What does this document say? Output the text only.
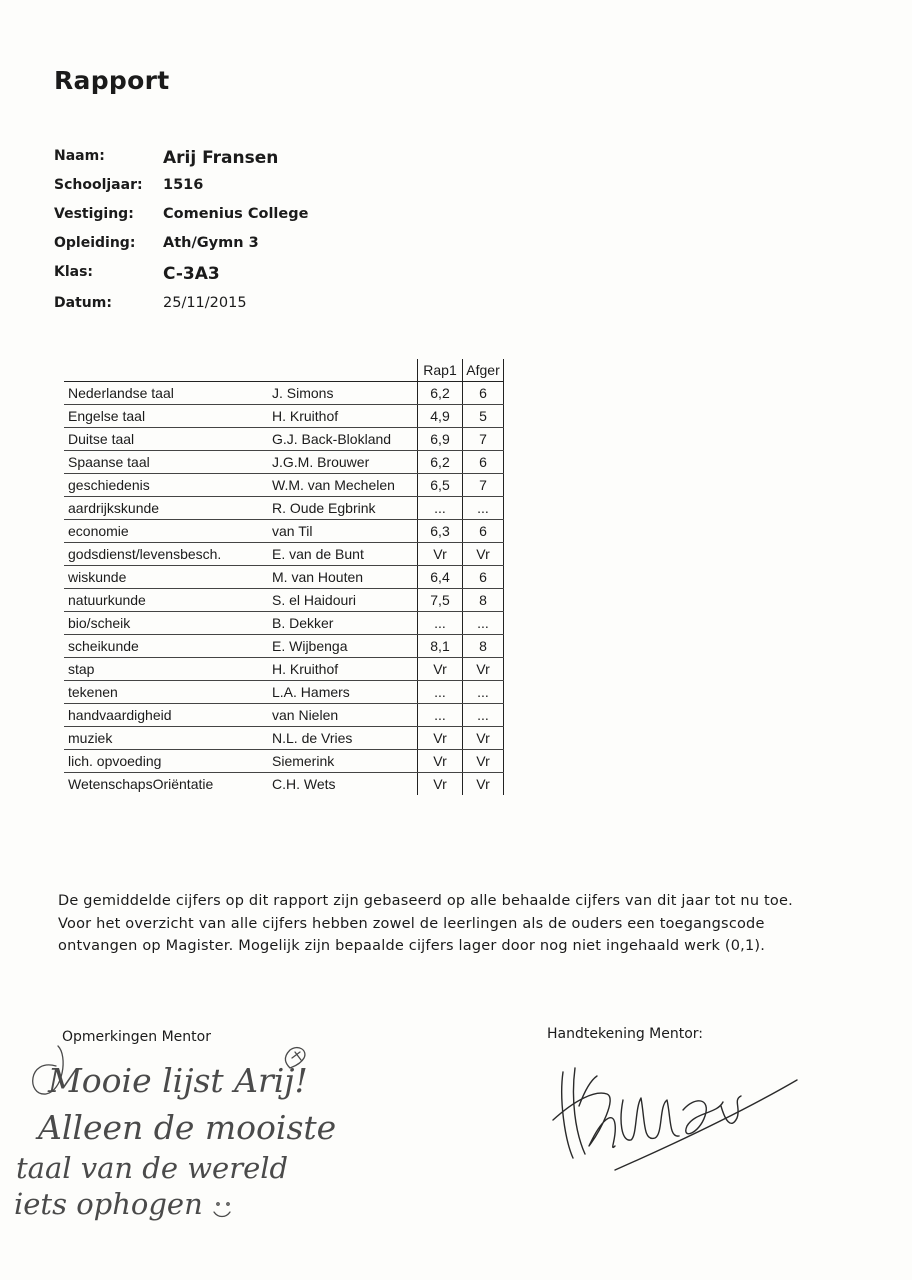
Rapport
Naam:	Arij Fransen
Schooljaar: 1516
Vestiging: Comenius College
Opleiding: Ath/Gymn 3
Klas:	C-3A3
Datum:	25/11/2015
		Rap1	Afger
Nederlandse taal	J. Simons	6,2	6
Engelse taal	H. Kruithof	4,9	5
Duitse taal	G.J. Back-Blokland	6,9	7
Spaanse taal	J.G.M. Brouwer	6,2	6
geschiedenis	W.M. van Mechelen	6,5	7
aardrijkskunde	R. Oude Egbrink	...	...
economie	van Til	6,3	6
godsdienst/levensbesch.	E. van de Bunt	Vr	Vr
wiskunde	M. van Houten	6,4	6
natuurkunde	S. el Haidouri	7,5	8
bio/scheik	B. Dekker	...	...
scheikunde	E. Wijbenga	8,1	8
stap	H. Kruithof	Vr	Vr
tekenen	L.A. Hamers	...	...
handvaardigheid	van Nielen	...	...
muziek	N.L. de Vries	Vr	Vr
lich. opvoeding	Siemerink	Vr	Vr
WetenschapsOriëntatie	C.H. Wets	Vr	Vr

De gemiddelde cijfers op dit rapport zijn gebaseerd op alle behaalde cijfers van dit jaar tot nu toe.

Voor het overzicht van alle cijfers hebben zowel de leerlingen als de ouders een toegangscode

ontvangen op Magister. Mogelijk zijn bepaalde cijfers lager door nog niet ingehaald werk (0,1).

Opmerkingen Mentor
Mooie lijst Arij!
Alleen de mooiste
taal van de wereld
iets ophogen
Handtekening Mentor:
